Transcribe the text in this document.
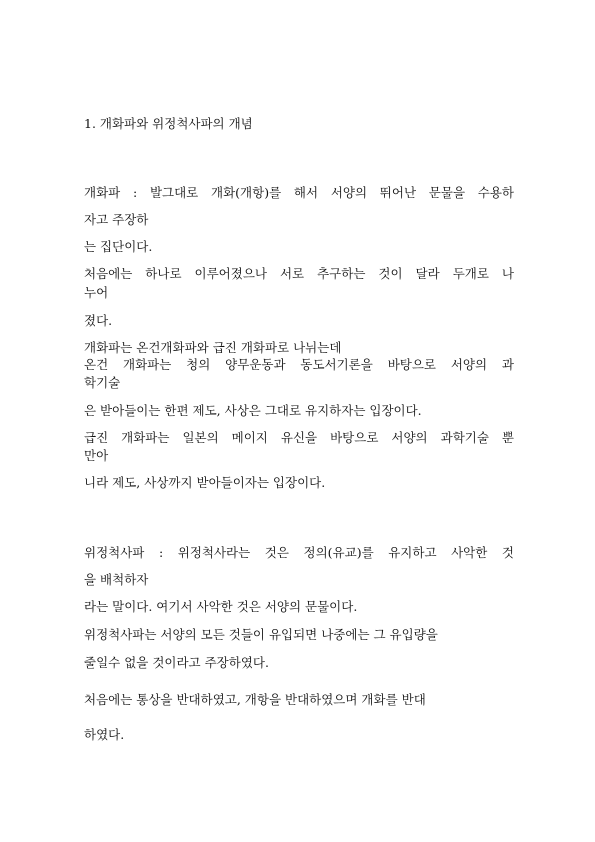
1. 개화파와 위정척사파의 개념
개화파 : 발그대로 개화(개항)를 해서 서양의 뛰어난 문물을 수용하
자고 주장하
는 집단이다.
처음에는 하나로 이루어졌으나 서로 추구하는 것이 달라 두개로 나
누어
졌다.
개화파는 온건개화파와 급진 개화파로 나뉘는데
온건 개화파는 청의 양무운동과 동도서기론을 바탕으로 서양의 과
학기술
은 받아들이는 한편 제도, 사상은 그대로 유지하자는 입장이다.
급진 개화파는 일본의 메이지 유신을 바탕으로 서양의 과학기술 뿐
만아
니라 제도, 사상까지 받아들이자는 입장이다.
위정척사파 : 위정척사라는 것은 정의(유교)를 유지하고 사악한 것
을 배척하자
라는 말이다. 여기서 사악한 것은 서양의 문물이다.
위정척사파는 서양의 모든 것들이 유입되면 나중에는 그 유입량을
줄일수 없을 것이라고 주장하였다.
처음에는 통상을 반대하였고, 개항을 반대하였으며 개화를 반대
하였다.
